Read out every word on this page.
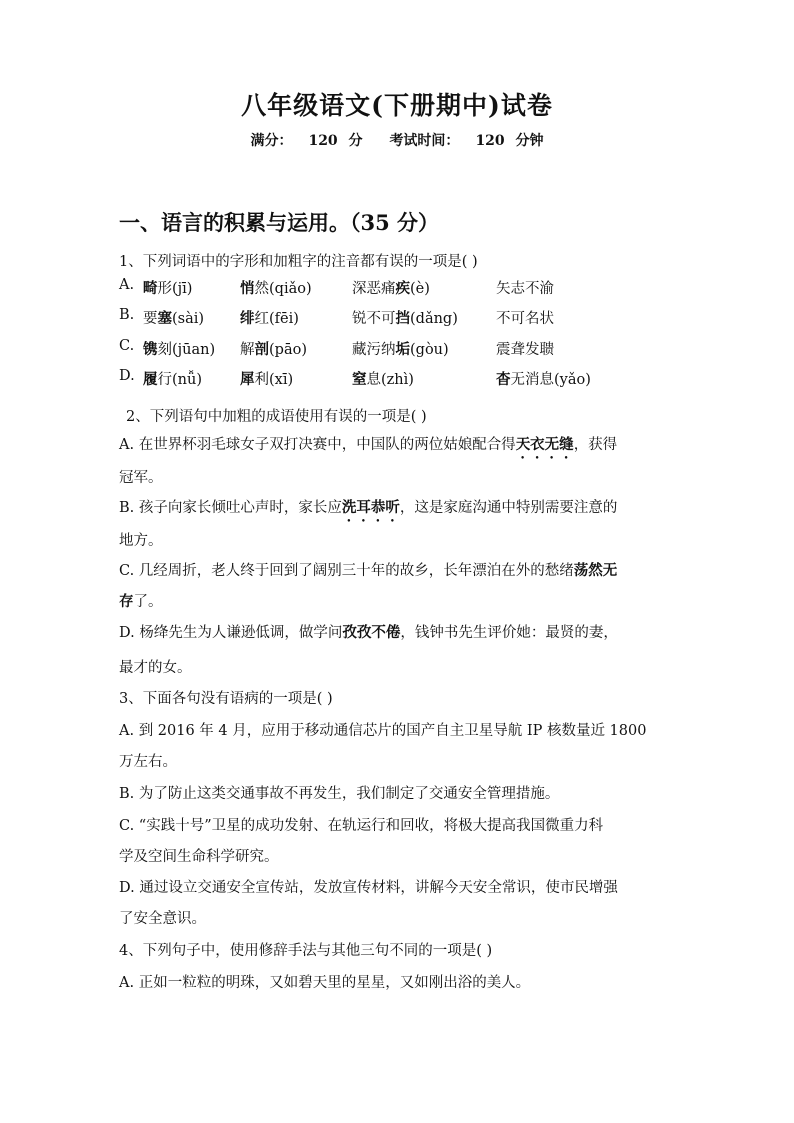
八年级语文(下册期中)试卷
满分： 120 分 考试时间： 120 分钟
一、语言的积累与运用。（35 分）
1、下列词语中的字形和加粗字的注音都有误的一项是( )
A. 畸形(jī)	悄然(qiǎo)	深恶痛疾(è)	矢志不渝
B. 要塞(sài) 绯红(fēi)	锐不可挡(dǎng)	不可名状
C. 镌刻(jūan) 解剖(pāo)	藏污纳垢(gòu)	震聋发聩
D. 履行(nǚ)	犀利(xī)	窒息(zhì)	杳无消息(yǎo)
2、下列语句中加粗的成语使用有误的一项是( )
A. 在世界杯羽毛球女子双打决赛中，中国队的两位姑娘配合得天衣无缝，获得
冠军。
B. 孩子向家长倾吐心声时，家长应洗耳恭听，这是家庭沟通中特别需要注意的
地方。
C. 几经周折，老人终于回到了阔别三十年的故乡，长年漂泊在外的愁绪荡然无
存了。
D. 杨绛先生为人谦逊低调，做学问孜孜不倦，钱钟书先生评价她：最贤的妻，
最才的女。
3、下面各句没有语病的一项是( )
A. 到 2016 年 4 月，应用于移动通信芯片的国产自主卫星导航 IP 核数量近 1800
万左右。
B. 为了防止这类交通事故不再发生，我们制定了交通安全管理措施。
C. “实践十号”卫星的成功发射、在轨运行和回收，将极大提高我国微重力科
学及空间生命科学研究。
D. 通过设立交通安全宣传站，发放宣传材料，讲解今天安全常识，使市民增强
了安全意识。
4、下列句子中，使用修辞手法与其他三句不同的一项是( )
A. 正如一粒粒的明珠，又如碧天里的星星，又如刚出浴的美人。
